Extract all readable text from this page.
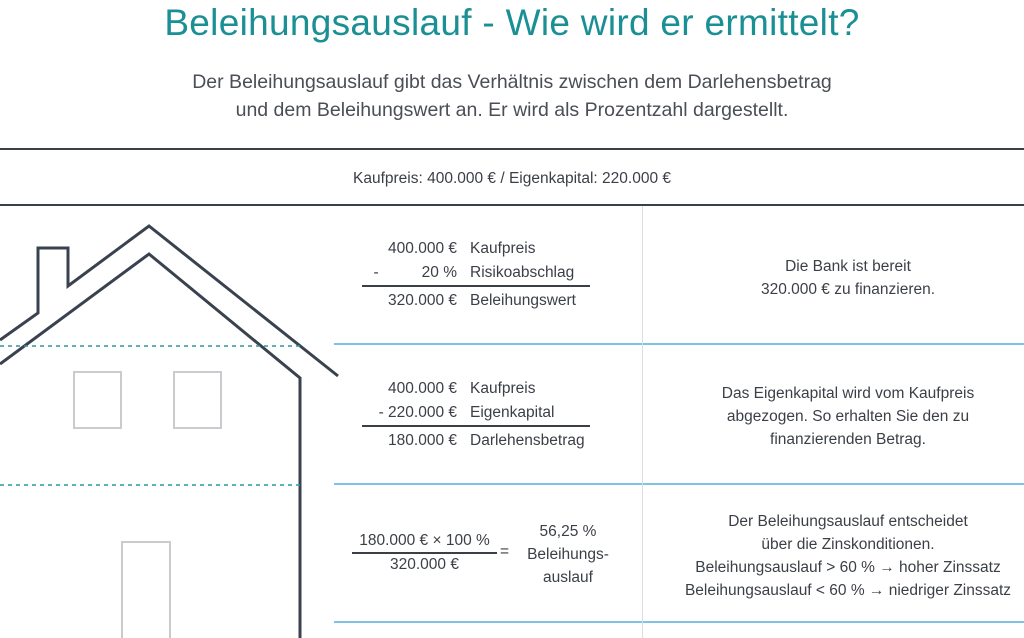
Beleihungsauslauf - Wie wird er ermittelt?
Der Beleihungsauslauf gibt das Verhältnis zwischen dem Darlehensbetrag
und dem Beleihungswert an. Er wird als Prozentzahl dargestellt.
Kaufpreis: 400.000 € / Eigenkapital: 220.000 €
400.000 € Kaufpreis
-          20 % Risikoabschlag
320.000 € Beleihungswert
Die Bank ist bereit
320.000 € zu finanzieren.
400.000 € Kaufpreis
- 220.000 € Eigenkapital
180.000 € Darlehensbetrag
Das Eigenkapital wird vom Kaufpreis
abgezogen. So erhalten Sie den zu
finanzierenden Betrag.
180.000 € × 100 %
320.000 €
=
56,25 %
Beleihungs-
auslauf
Der Beleihungsauslauf entscheidet
über die Zinskonditionen.
Beleihungsauslauf > 60 % → hoher Zinssatz
Beleihungsauslauf < 60 % → niedriger Zinssatz
